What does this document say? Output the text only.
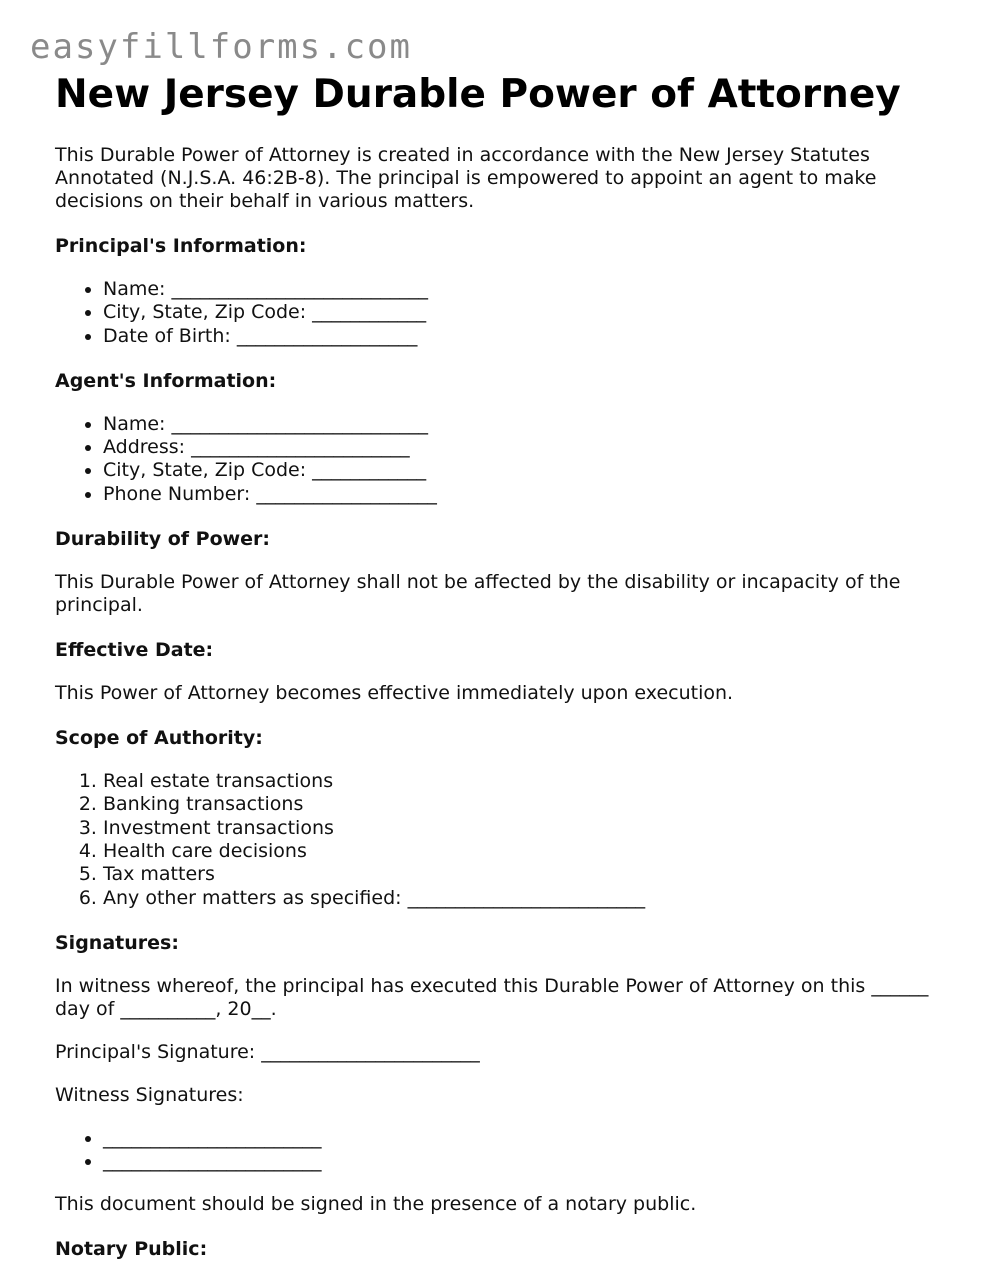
easyfillforms.com
New Jersey Durable Power of Attorney

This Durable Power of Attorney is created in accordance with the New Jersey Statutes Annotated (N.J.S.A. 46:2B-8). The principal is empowered to appoint an agent to make decisions on their behalf in various matters.

Principal's Information:
• Name: ___________________________
• City, State, Zip Code: ____________
• Date of Birth: ___________________
Agent's Information:
• Name: ___________________________
• Address: _______________________
• City, State, Zip Code: ____________
• Phone Number: ___________________
Durability of Power:

This Durable Power of Attorney shall not be affected by the disability or incapacity of the principal.

Effective Date:

This Power of Attorney becomes effective immediately upon execution.

Scope of Authority:
1. Real estate transactions
2. Banking transactions
3. Investment transactions
4. Health care decisions
5. Tax matters
6. Any other matters as specified: _________________________
Signatures:

In witness whereof, the principal has executed this Durable Power of Attorney on this ______ day of __________, 20__.

Principal's Signature: _______________________

Witness Signatures:

• _______________________
• _______________________

This document should be signed in the presence of a notary public.

Notary Public:
